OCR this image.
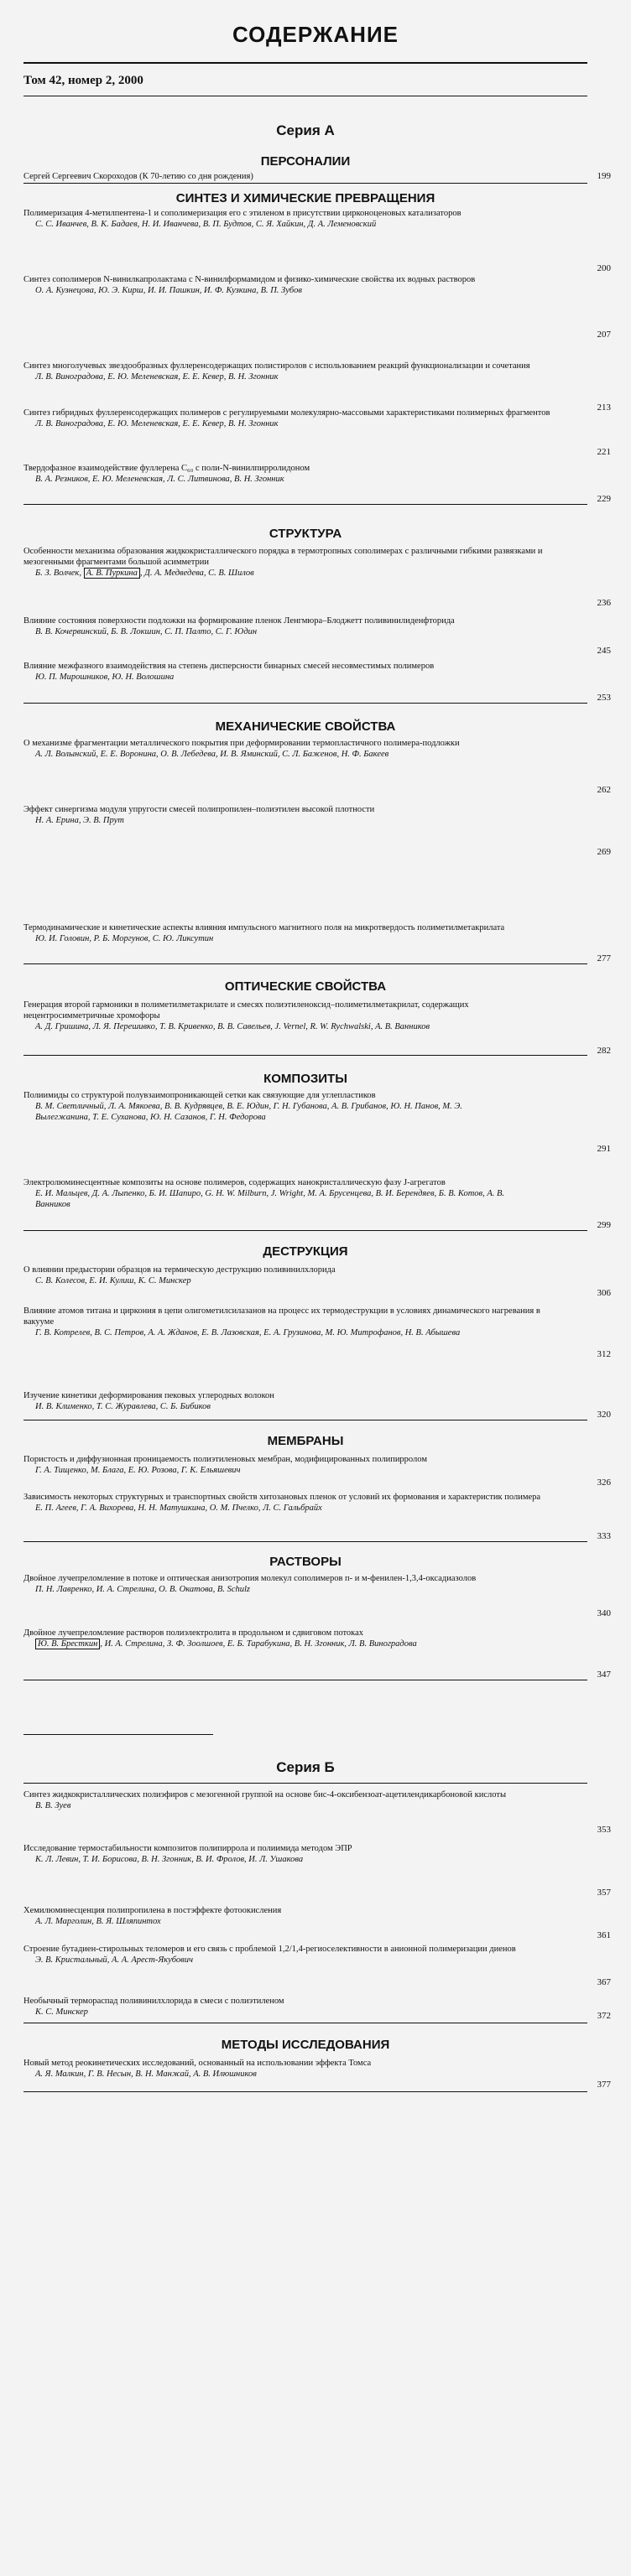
СОДЕРЖАНИЕ
Том 42, номер 2, 2000
Серия А
ПЕРСОНАЛИИ
Сергей Сергеевич Скороходов (К 70-летию со дня рождения)	199
СИНТЕЗ И ХИМИЧЕСКИЕ ПРЕВРАЩЕНИЯ
Полимеризация 4-метилпентена-1 и сополимеризация его с этиленом в присутствии цирконоценовых катализаторов
С. С. Иванчев, В. К. Бадаев, Н. И. Иванчева, В. П. Будтов, С. Я. Хайкин, Д. А. Леменовский
200
Синтез сополимеров N-винилкапролактама с N-винилформамидом и физико-химические свойства их водных растворов
О. А. Кузнецова, Ю. Э. Кирш, И. И. Пашкин, И. Ф. Кузкина, В. П. Зубов
207
Синтез многолучевых звездообразных фуллеренсодержащих полистиролов с использованием реакций функционализации и сочетания
Л. В. Виноградова, Е. Ю. Меленевская, Е. Е. Кевер, В. Н. Згонник
213
Синтез гибридных фуллеренсодержащих полимеров с регулируемыми молекулярно-массовыми характеристиками полимерных фрагментов
Л. В. Виноградова, Е. Ю. Меленевская, Е. Е. Кевер, В. Н. Згонник
221
Твердофазное взаимодействие фуллерена C₆₀ с поли-N-винилпирролидоном
В. А. Резников, Е. Ю. Меленевская, Л. С. Литвинова, В. Н. Згонник
229
СТРУКТУРА
Особенности механизма образования жидкокристаллического порядка в термотропных сополимерах с различными гибкими развязками и мезогенными фрагментами большой асимметрии
Б. З. Волчек, А. В. Пуркина , Д. А. Медведева, С. В. Шилов
236
Влияние состояния поверхности подложки на формирование пленок Ленгмюра–Блоджетт поливинилиденфторида
В. В. Кочервинский, Б. В. Локшин, С. П. Палто, С. Г. Юдин
245
Влияние межфазного взаимодействия на степень дисперсности бинарных смесей несовместимых полимеров
Ю. П. Мирошников, Ю. Н. Волошина
253
МЕХАНИЧЕСКИЕ СВОЙСТВА
О механизме фрагментации металлического покрытия при деформировании термопластичного полимера-подложки
А. Л. Волынский, Е. Е. Воронина, О. В. Лебедева, И. В. Яминский, С. Л. Баженов, Н. Ф. Бакеев
262
Эффект синергизма модуля упругости смесей полипропилен–полиэтилен высокой плотности
Н. А. Ерина, Э. В. Прут
269
Термодинамические и кинетические аспекты влияния импульсного магнитного поля на микротвердость полиметилметакрилата
Ю. И. Головин, Р. Б. Моргунов, С. Ю. Ликсутин
277
ОПТИЧЕСКИЕ СВОЙСТВА
Генерация второй гармоники в полиметилметакрилате и смесях полиэтиленоксид–полиметилметакрилат, содержащих нецентросимметричные хромофоры
А. Д. Гришина, Л. Я. Перешивко, Т. В. Кривенко, В. В. Савельев, J. Vernel, R. W. Rychwalski, А. В. Ванников
282
КОМПОЗИТЫ
Полиимиды со структурой полувзаимопроникающей сетки как связующие для углепластиков
В. М. Светличный, Л. А. Мякоева, В. В. Кудрявцев, В. Е. Юдин, Г. Н. Губанова, А. В. Грибанов, Ю. Н. Панов, М. Э. Вылегжанина, Т. Е. Суханова, Ю. Н. Сазанов, Г. Н. Федорова
291
Электролюминесцентные композиты на основе полимеров, содержащих нанокристаллическую фазу J-агрегатов
Е. И. Мальцев, Д. А. Лыпенко, Б. И. Шапиро, G. H. W. Milburn, J. Wright, М. А. Брусенцева, В. И. Берендяев, Б. В. Котов, А. В. Ванников
299
ДЕСТРУКЦИЯ
О влиянии предыстории образцов на термическую деструкцию поливинилхлорида
С. В. Колесов, Е. И. Кулиш, К. С. Минскер
306
Влияние атомов титана и циркония в цепи олигометилсилазанов на процесс их термодеструкции в условиях динамического нагревания в вакууме
Г. В. Котрелев, В. С. Петров, А. А. Жданов, Е. В. Лазовская, Е. А. Грузинова, М. Ю. Митрофанов, Н. В. Абышева
312
Изучение кинетики деформирования пековых углеродных волокон
И. В. Клименко, Т. С. Журавлева, С. Б. Бибиков
320
МЕМБРАНЫ
Пористость и диффузионная проницаемость полиэтиленовых мембран, модифицированных полипирролом
Г. А. Тищенко, М. Блага, Е. Ю. Розова, Г. К. Ельяшевич
326
Зависимость некоторых структурных и транспортных свойств хитозановых пленок от условий их формования и характеристик полимера
Е. П. Агеев, Г. А. Вихорева, Н. Н. Матушкина, О. М. Пчелко, Л. С. Гальбрайх
333
РАСТВОРЫ
Двойное лучепреломление в потоке и оптическая анизотропия молекул сополимеров п- и м-фенилен-1,3,4-оксадиазолов
П. Н. Лавренко, И. А. Стрелина, О. В. Окатова, B. Schulz
340
Двойное лучепреломление растворов полиэлектролита в продольном и сдвиговом потоках
Ю. В. Бресткин , И. А. Стрелина, З. Ф. Зоолшоев, Е. Б. Тарабукина, В. Н. Згонник, Л. В. Виноградова
347
Серия Б
Синтез жидкокристаллических полиэфиров с мезогенной группой на основе бис-4-оксибензоат-ацетилендикарбоновой кислоты
В. В. Зуев
353
Исследование термостабильности композитов полипиррола и полиимида методом ЭПР
К. Л. Левин, Т. И. Борисова, В. Н. Згонник, В. И. Фролов, И. Л. Ушакова
357
Хемилюминесценция полипропилена в постэффекте фотоокисления
А. Л. Марголин, В. Я. Шляпинтох
361
Строение бутадиен-стирольных теломеров и его связь с проблемой 1,2/1,4-региоселективности в анионной полимеризации диенов
Э. В. Кристальный, А. А. Арест-Якубович
367
Необычный термораспад поливинилхлорида в смеси с полиэтиленом
К. С. Минскер	372
МЕТОДЫ ИССЛЕДОВАНИЯ
Новый метод реокинетических исследований, основанный на использовании эффекта Томса
А. Я. Малкин, Г. В. Несын, В. Н. Манжай, А. В. Илюшников
377
